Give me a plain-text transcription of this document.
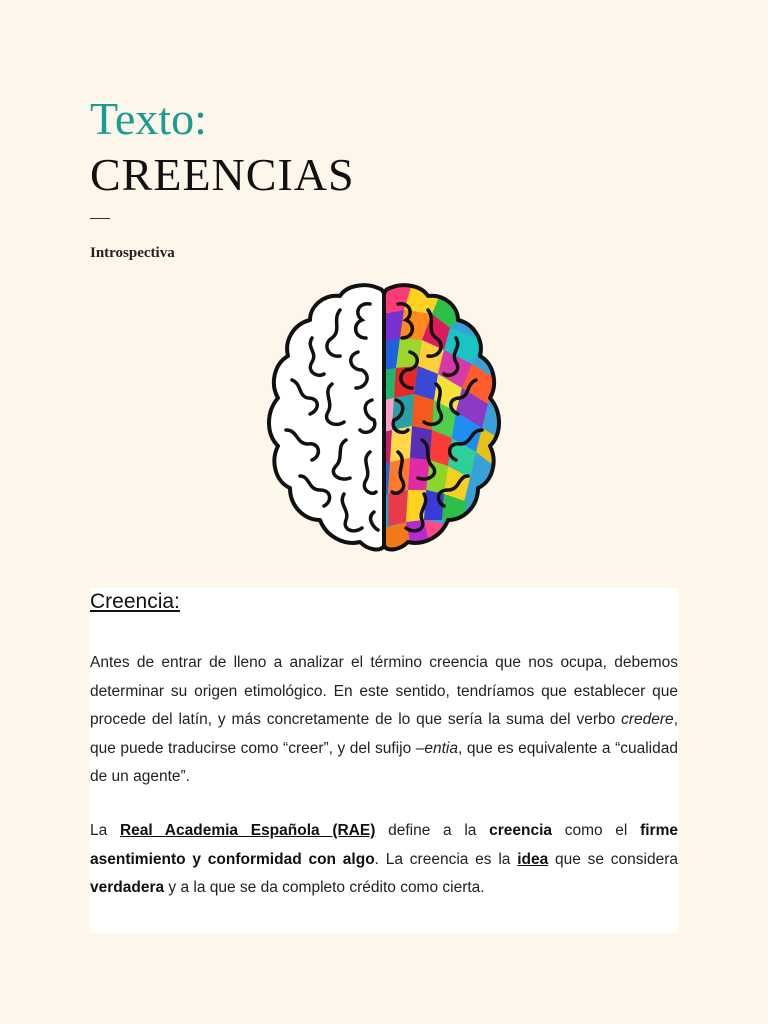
Texto:
CREENCIAS
Introspectiva
Creencia:

Antes de entrar de lleno a analizar el término creencia que nos ocupa, debemos determinar su origen etimológico. En este sentido, tendríamos que establecer que procede del latín, y más concretamente de lo que sería la suma del verbo credere, que puede traducirse como “creer”, y del sufijo –entia, que es equivalente a “cualidad de un agente”.

La Real Academia Española (RAE) define a la creencia como el firme asentimiento y conformidad con algo. La creencia es la idea que se considera verdadera y a la que se da completo crédito como cierta.
